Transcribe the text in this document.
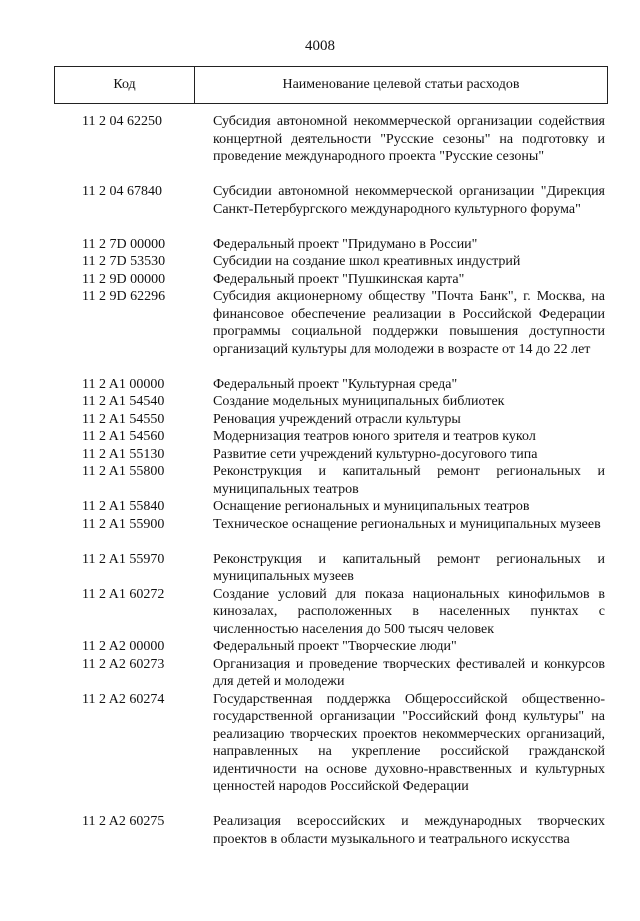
4008
Код	Наименование целевой статьи расходов
11 2 04 62250	Субсидия автономной некоммерческой организации содействия концертной деятельности "Русские сезоны" на подготовку и проведение международного проекта "Русские сезоны"
11 2 04 67840	Субсидии автономной некоммерческой организации "Дирекция Санкт-Петербургского международного культурного форума"
11 2 7D 00000	Федеральный проект "Придумано в России"
11 2 7D 53530	Субсидии на создание школ креативных индустрий
11 2 9D 00000	Федеральный проект "Пушкинская карта"
11 2 9D 62296	Субсидия акционерному обществу "Почта Банк", г. Москва, на финансовое обеспечение реализации в Российской Федерации программы социальной поддержки повышения доступности организаций культуры для молодежи в возрасте от 14 до 22 лет
11 2 A1 00000	Федеральный проект "Культурная среда"
11 2 A1 54540	Создание модельных муниципальных библиотек
11 2 A1 54550	Реновация учреждений отрасли культуры
11 2 A1 54560	Модернизация театров юного зрителя и театров кукол
11 2 A1 55130	Развитие сети учреждений культурно-досугового типа
11 2 A1 55800	Реконструкция и капитальный ремонт региональных и муниципальных театров
11 2 A1 55840	Оснащение региональных и муниципальных театров
11 2 A1 55900	Техническое оснащение региональных и муниципальных музеев
11 2 A1 55970	Реконструкция и капитальный ремонт региональных и муниципальных музеев
11 2 A1 60272	Создание условий для показа национальных кинофильмов в кинозалах, расположенных в населенных пунктах с численностью населения до 500 тысяч человек
11 2 A2 00000	Федеральный проект "Творческие люди"
11 2 A2 60273	Организация и проведение творческих фестивалей и конкурсов для детей и молодежи
11 2 A2 60274	Государственная поддержка Общероссийской общественно-государственной организации "Российский фонд культуры" на реализацию творческих проектов некоммерческих организаций, направленных на укрепление российской гражданской идентичности на основе духовно-нравственных и культурных ценностей народов Российской Федерации
11 2 A2 60275	Реализация всероссийских и международных творческих проектов в области музыкального и театрального искусства
